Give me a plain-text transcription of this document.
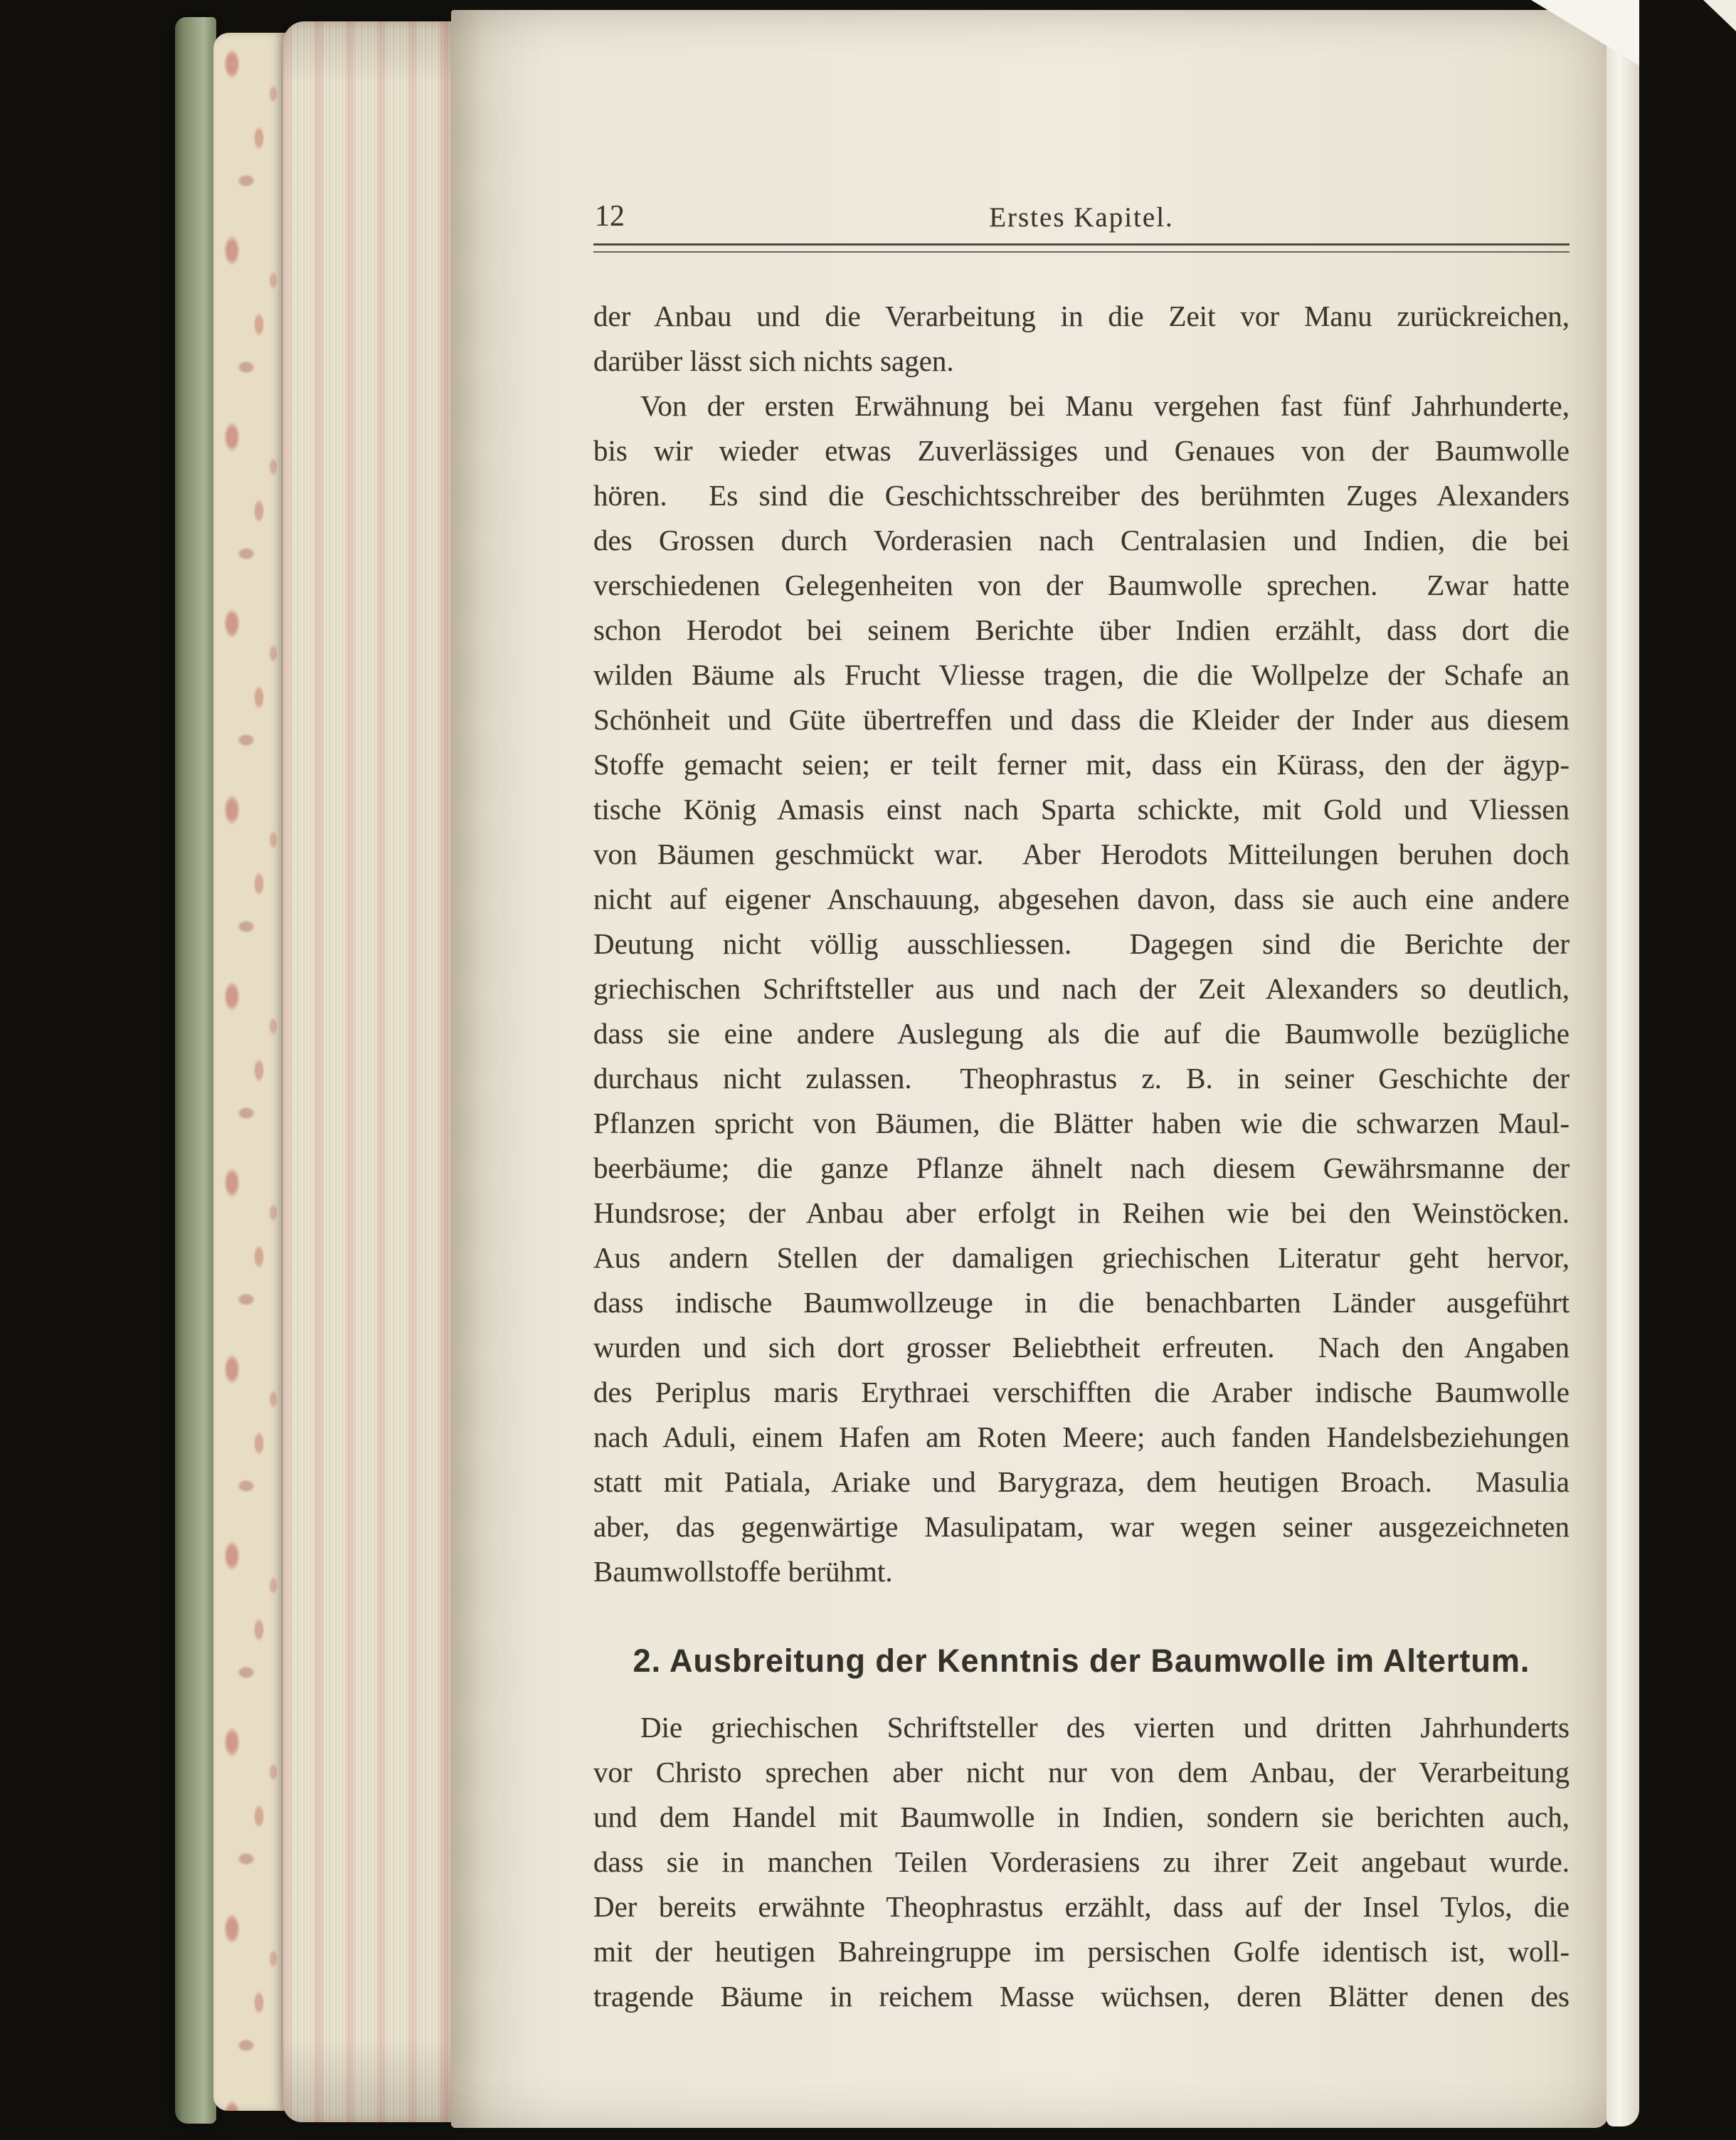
12	Erstes Kapitel.
der Anbau und die Verarbeitung in die Zeit vor Manu zurückreichen,
darüber lässt sich nichts sagen.
Von der ersten Erwähnung bei Manu vergehen fast fünf Jahrhunderte,
bis wir wieder etwas Zuverlässiges und Genaues von der Baumwolle
hören.  Es sind die Geschichtsschreiber des berühmten Zuges Alexanders
des Grossen durch Vorderasien nach Centralasien und Indien, die bei
verschiedenen Gelegenheiten von der Baumwolle sprechen.  Zwar hatte
schon Herodot bei seinem Berichte über Indien erzählt, dass dort die
wilden Bäume als Frucht Vliesse tragen, die die Wollpelze der Schafe an
Schönheit und Güte übertreffen und dass die Kleider der Inder aus diesem
Stoffe gemacht seien; er teilt ferner mit, dass ein Kürass, den der ägyp-
tische König Amasis einst nach Sparta schickte, mit Gold und Vliessen
von Bäumen geschmückt war.  Aber Herodots Mitteilungen beruhen doch
nicht auf eigener Anschauung, abgesehen davon, dass sie auch eine andere
Deutung nicht völlig ausschliessen.  Dagegen sind die Berichte der
griechischen Schriftsteller aus und nach der Zeit Alexanders so deutlich,
dass sie eine andere Auslegung als die auf die Baumwolle bezügliche
durchaus nicht zulassen.  Theophrastus z. B. in seiner Geschichte der
Pflanzen spricht von Bäumen, die Blätter haben wie die schwarzen Maul-
beerbäume; die ganze Pflanze ähnelt nach diesem Gewährsmanne der
Hundsrose; der Anbau aber erfolgt in Reihen wie bei den Weinstöcken.
Aus andern Stellen der damaligen griechischen Literatur geht hervor,
dass indische Baumwollzeuge in die benachbarten Länder ausgeführt
wurden und sich dort grosser Beliebtheit erfreuten.  Nach den Angaben
des Periplus maris Erythraei verschifften die Araber indische Baumwolle
nach Aduli, einem Hafen am Roten Meere; auch fanden Handelsbeziehungen
statt mit Patiala, Ariake und Barygraza, dem heutigen Broach.  Masulia
aber, das gegenwärtige Masulipatam, war wegen seiner ausgezeichneten
Baumwollstoffe berühmt.
2. Ausbreitung der Kenntnis der Baumwolle im Altertum.
Die griechischen Schriftsteller des vierten und dritten Jahrhunderts
vor Christo sprechen aber nicht nur von dem Anbau, der Verarbeitung
und dem Handel mit Baumwolle in Indien, sondern sie berichten auch,
dass sie in manchen Teilen Vorderasiens zu ihrer Zeit angebaut wurde.
Der bereits erwähnte Theophrastus erzählt, dass auf der Insel Tylos, die
mit der heutigen Bahreingruppe im persischen Golfe identisch ist, woll-
tragende Bäume in reichem Masse wüchsen, deren Blätter denen des
